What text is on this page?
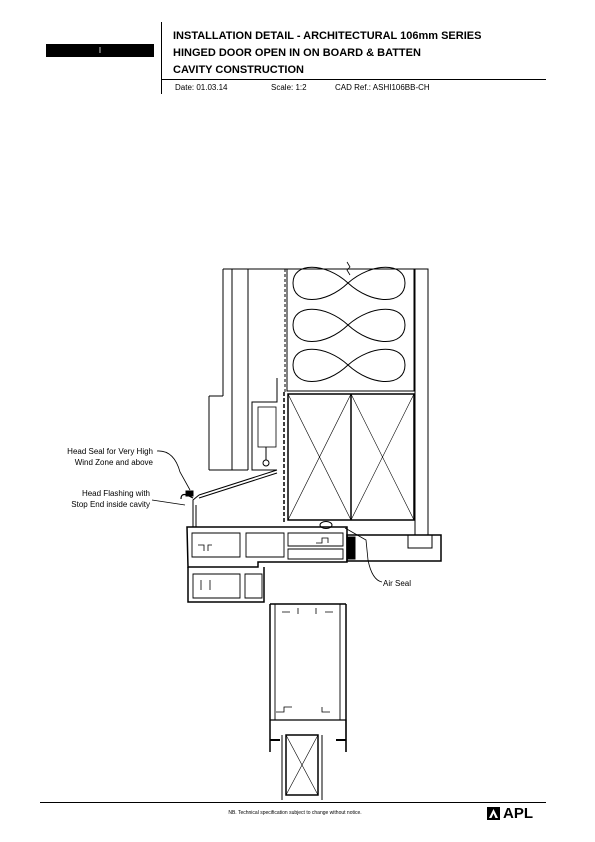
I
INSTALLATION DETAIL - ARCHITECTURAL 106mm SERIES
HINGED DOOR OPEN IN ON BOARD & BATTEN
CAVITY CONSTRUCTION
Date: 01.03.14	Scale: 1:2	CAD Ref.: ASHI106BB-CH
Head Seal for Very High
Wind Zone and above
Head Flashing with
Stop End inside cavity
Air Seal
NB. Technical specification subject to change without notice.	APL
